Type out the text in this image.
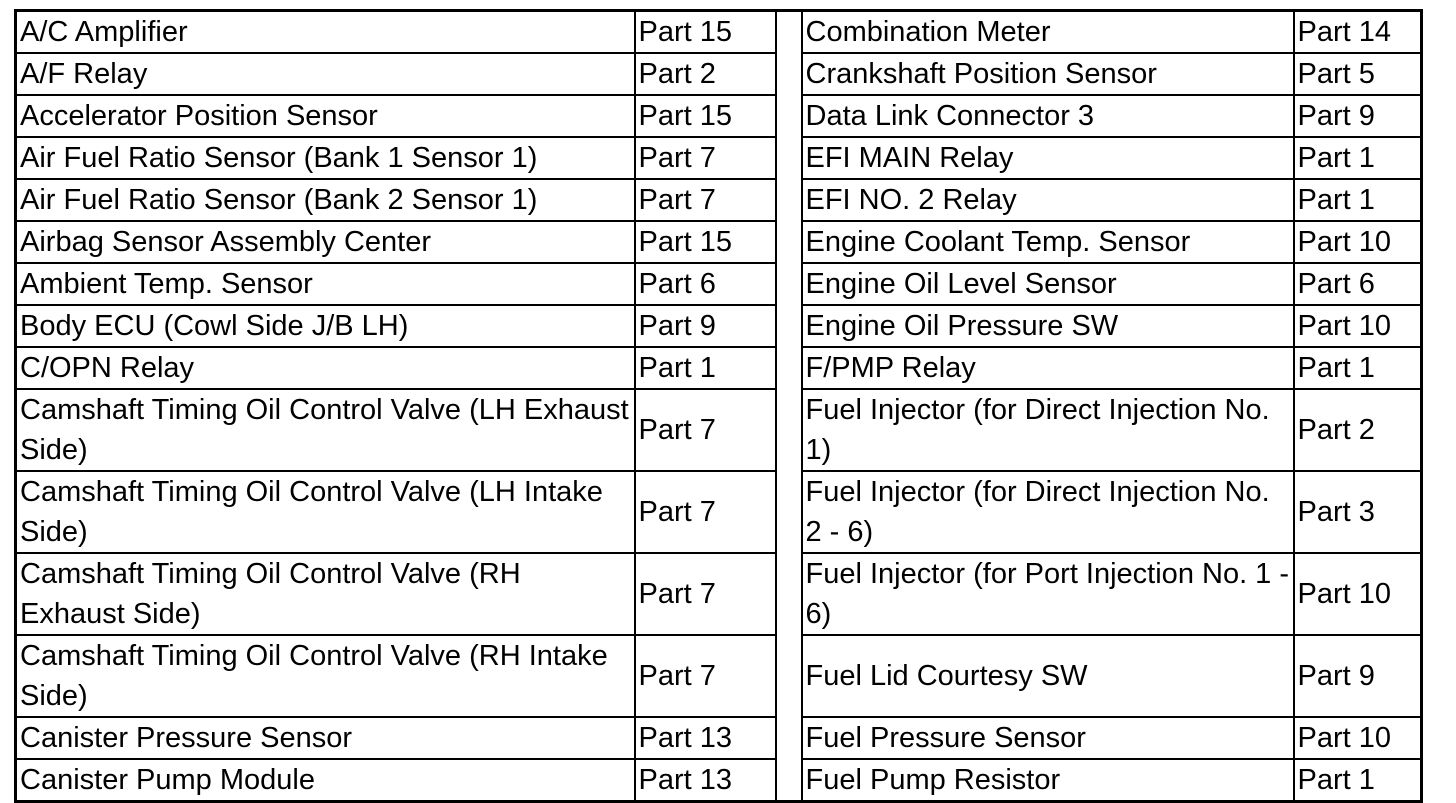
A/C Amplifier	Part 15		Combination Meter	Part 14
A/F Relay	Part 2		Crankshaft Position Sensor	Part 5
Accelerator Position Sensor	Part 15		Data Link Connector 3	Part 9
Air Fuel Ratio Sensor (Bank 1 Sensor 1)	Part 7		EFI MAIN Relay	Part 1
Air Fuel Ratio Sensor (Bank 2 Sensor 1)	Part 7		EFI NO. 2 Relay	Part 1
Airbag Sensor Assembly Center	Part 15		Engine Coolant Temp. Sensor	Part 10
Ambient Temp. Sensor	Part 6		Engine Oil Level Sensor	Part 6
Body ECU (Cowl Side J/B LH)	Part 9		Engine Oil Pressure SW	Part 10
C/OPN Relay	Part 1		F/PMP Relay	Part 1
Camshaft Timing Oil Control Valve (LH Exhaust Side)	Part 7		Fuel Injector (for Direct Injection No. 1)	Part 2
Camshaft Timing Oil Control Valve (LH Intake Side)	Part 7		Fuel Injector (for Direct Injection No. 2 - 6)	Part 3
Camshaft Timing Oil Control Valve (RH Exhaust Side)	Part 7		Fuel Injector (for Port Injection No. 1 - 6)	Part 10
Camshaft Timing Oil Control Valve (RH Intake Side)	Part 7		Fuel Lid Courtesy SW	Part 9
Canister Pressure Sensor	Part 13		Fuel Pressure Sensor	Part 10
Canister Pump Module	Part 13		Fuel Pump Resistor	Part 1
